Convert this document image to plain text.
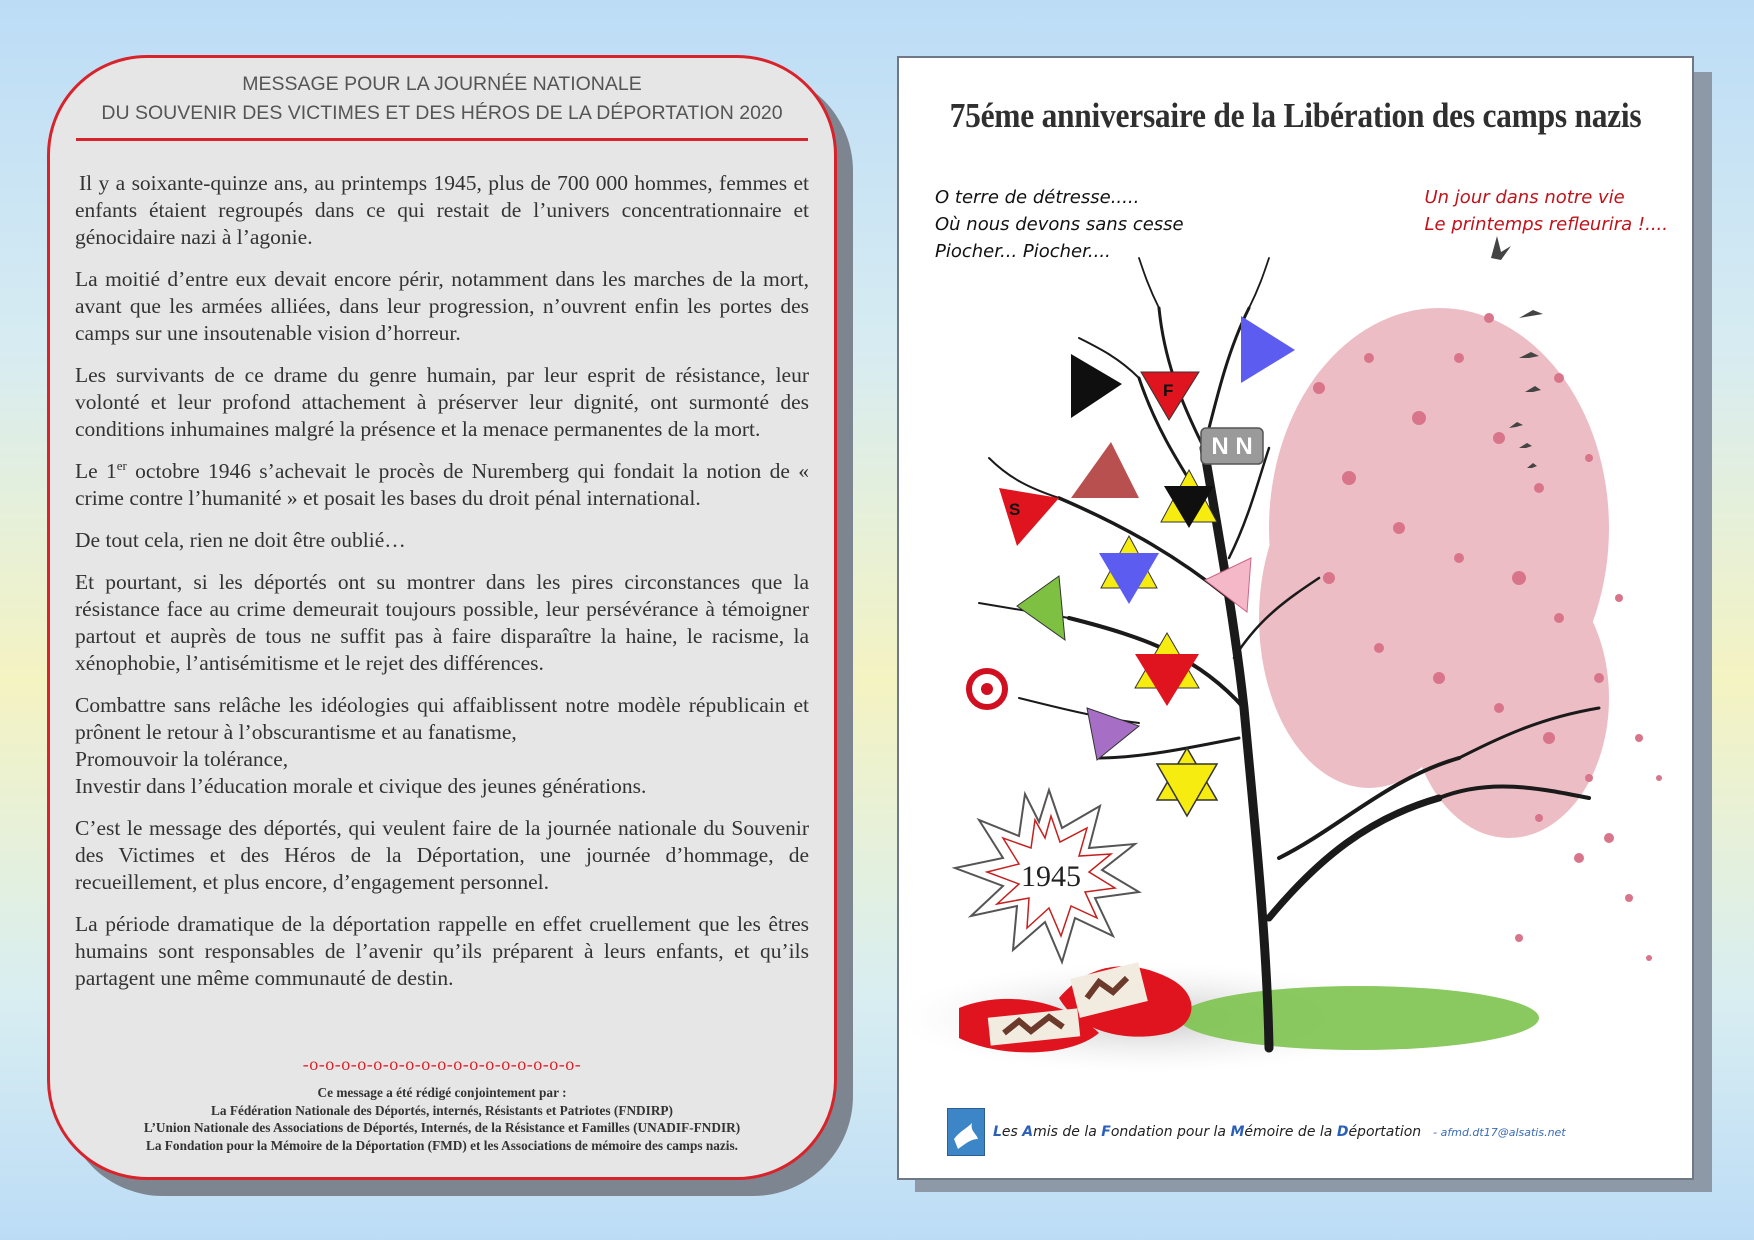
MESSAGE POUR LA JOURNÉE NATIONALE
DU SOUVENIR DES VICTIMES ET DES HÉROS DE LA DÉPORTATION 2020

Il y a soixante-quinze ans, au printemps 1945, plus de 700 000 hommes, femmes et enfants étaient regroupés dans ce qui restait de l’univers concentrationnaire et génocidaire nazi à l’agonie.

La moitié d’entre eux devait encore périr, notamment dans les marches de la mort, avant que les armées alliées, dans leur progression, n’ouvrent enfin les portes des camps sur une insoutenable vision d’horreur.

Les survivants de ce drame du genre humain, par leur esprit de résistance, leur volonté et leur profond attachement à préserver leur dignité, ont surmonté des conditions inhumaines malgré la présence et la menace permanentes de la mort.

Le 1er octobre 1946 s’achevait le procès de Nuremberg qui fondait la notion de « crime contre l’humanité » et posait les bases du droit pénal international.

De tout cela, rien ne doit être oublié…

Et pourtant, si les déportés ont su montrer dans les pires circonstances que la résistance face au crime demeurait toujours possible, leur persévérance à témoigner partout et auprès de tous ne suffit pas à faire disparaître la haine, le racisme, la xénophobie, l’antisémitisme et le rejet des différences.

Combattre sans relâche les idéologies qui affaiblissent notre modèle républicain et prônent le retour à l’obscurantisme et au fanatisme,
Promouvoir la tolérance,
Investir dans l’éducation morale et civique des jeunes générations.

C’est le message des déportés, qui veulent faire de la journée nationale du Souvenir des Victimes et des Héros de la Déportation, une journée d’hommage, de recueillement, et plus encore, d’engagement personnel.

La période dramatique de la déportation rappelle en effet cruellement que les êtres humains sont responsables de l’avenir qu’ils préparent à leurs enfants, et qu’ils partagent une même communauté de destin.

-o-o-o-o-o-o-o-o-o-o-o-o-o-o-o-o-o-
Ce message a été rédigé conjointement par :
La Fédération Nationale des Déportés, internés, Résistants et Patriotes (FNDIRP)
L’Union Nationale des Associations de Déportés, Internés, de la Résistance et Familles (UNADIF-FNDIR)
La Fondation pour la Mémoire de la Déportation (FMD) et les Associations de mémoire des camps nazis.
75éme anniversaire de la Libération des camps nazis
O terre de détresse.....
Où nous devons sans cesse
Piocher... Piocher....
Un jour dans notre vie
Le printemps refleurira !....
F
S
N N
1945
Les Amis de la Fondation pour la Mémoire de la Déportation - afmd.dt17@alsatis.net
